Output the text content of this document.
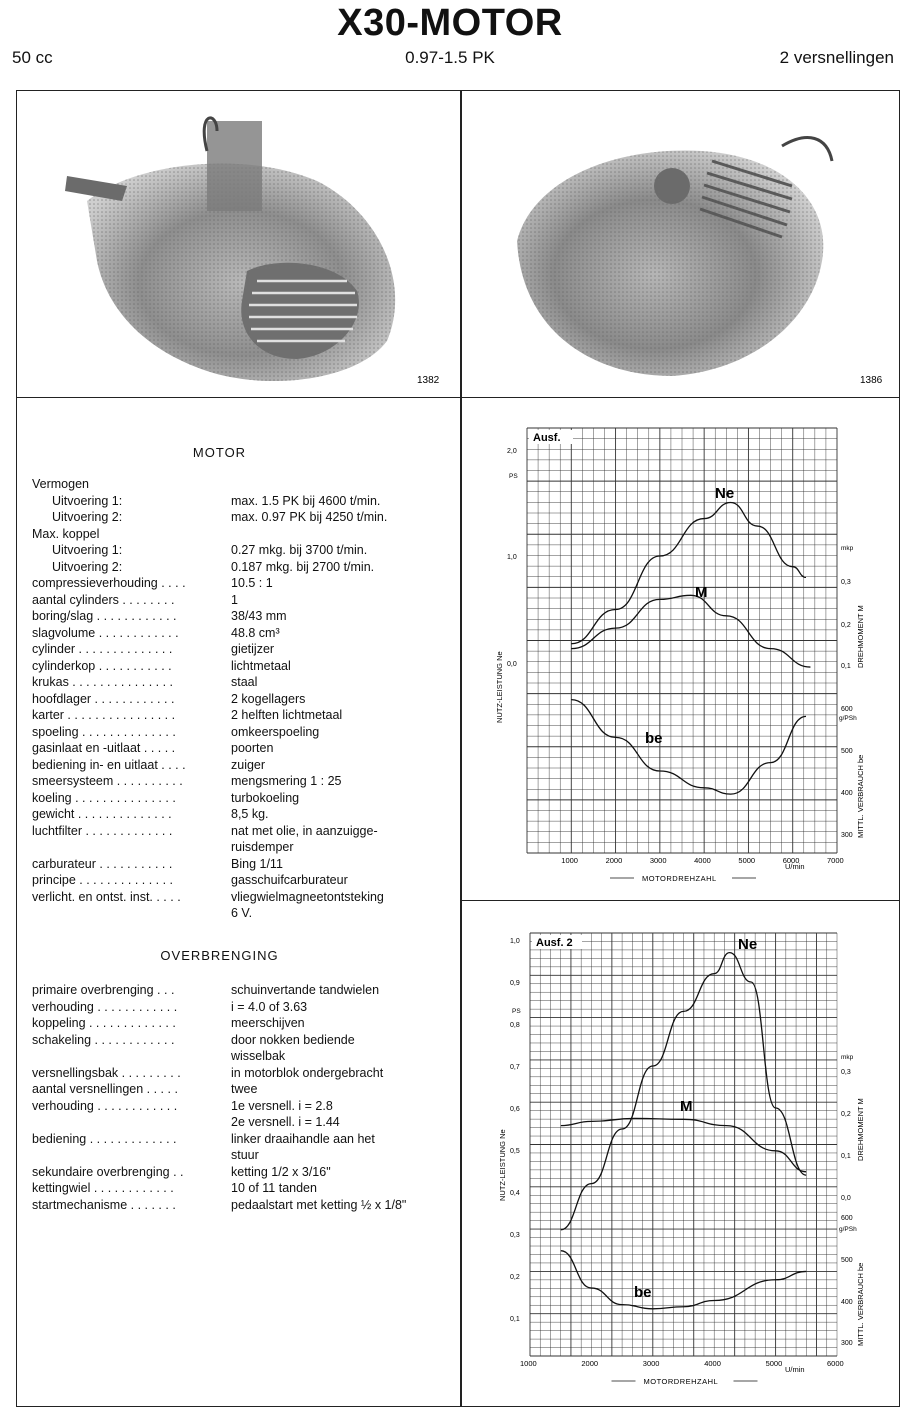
X30-MOTOR
50 cc	0.97-1.5 PK	2 versnellingen
1382	1386
MOTOR
Vermogen
Uitvoering 1:	max. 1.5 PK bij 4600 t/min.
Uitvoering 2:	max. 0.97 PK bij 4250 t/min.
Max. koppel
Uitvoering 1:	0.27 mkg. bij 3700 t/min.
Uitvoering 2:	0.187 mkg. bij 2700 t/min.
compressieverhouding . . . .	10.5 : 1
aantal cylinders . . . . . . . .	1
boring/slag . . . . . . . . . . . .	38/43 mm
slagvolume . . . . . . . . . . . .	48.8 cm³
cylinder . . . . . . . . . . . . . .	gietijzer
cylinderkop . . . . . . . . . . .	lichtmetaal
krukas . . . . . . . . . . . . . . .	staal
hoofdlager . . . . . . . . . . . .	2 kogellagers
karter . . . . . . . . . . . . . . . .	2 helften lichtmetaal
spoeling . . . . . . . . . . . . . .	omkeerspoeling
gasinlaat en -uitlaat . . . . .	poorten
bediening in- en uitlaat . . . .	zuiger
smeersysteem . . . . . . . . . .	mengsmering 1 : 25
koeling . . . . . . . . . . . . . . .	turbokoeling
gewicht . . . . . . . . . . . . . .	8,5 kg.
luchtfilter . . . . . . . . . . . . .	nat met olie, in aanzuigge-
ruisdemper
carburateur . . . . . . . . . . .	Bing 1/11
principe . . . . . . . . . . . . . .	gasschuifcarburateur
verlicht. en ontst. inst. . . . .	vliegwielmagneetontsteking
6 V.
OVERBRENGING
primaire overbrenging . . .	schuinvertande tandwielen
verhouding . . . . . . . . . . . .	i = 4.0 of 3.63
koppeling . . . . . . . . . . . . .	meerschijven
schakeling . . . . . . . . . . . .	door nokken bediende
wisselbak
versnellingsbak . . . . . . . . .	in motorblok ondergebracht
aantal versnellingen . . . . .	twee
verhouding . . . . . . . . . . . .	1e versnell. i = 2.8
2e versnell. i = 1.44
bediening . . . . . . . . . . . . .	linker draaihandle aan het
stuur
sekundaire overbrenging . .	ketting 1/2 x 3/16"
kettingwiel . . . . . . . . . . . .	10 of 11 tanden
startmechanisme . . . . . . .	pedaalstart met ketting ½ x 1/8"
1000	2000	3000	4000	5000	6000	7000
U/min
MOTORDREHZAHL
0,0
1,0
2,0
PS
NUTZ-LEISTUNG Ne	0,1
0,2
0,3
mkp
DREHMOMENT M
300
400
500
600
g/PSh
MITTL. VERBRAUCH be
Ausf.
Ne
M
be
1000	2000	3000	4000	5000	6000
U/min
MOTORDREHZAHL
0,1
0,2
0,3
0,4
0,5
0,6
0,7
0,8
0,9
1,0
PS
NUTZ-LEISTUNG Ne	0,0
0,1
0,2
0,3
mkp
DREHMOMENT M
300
400
500
600
g/PSh
MITTL. VERBRAUCH be
Ausf. 2	Ne
M
be
